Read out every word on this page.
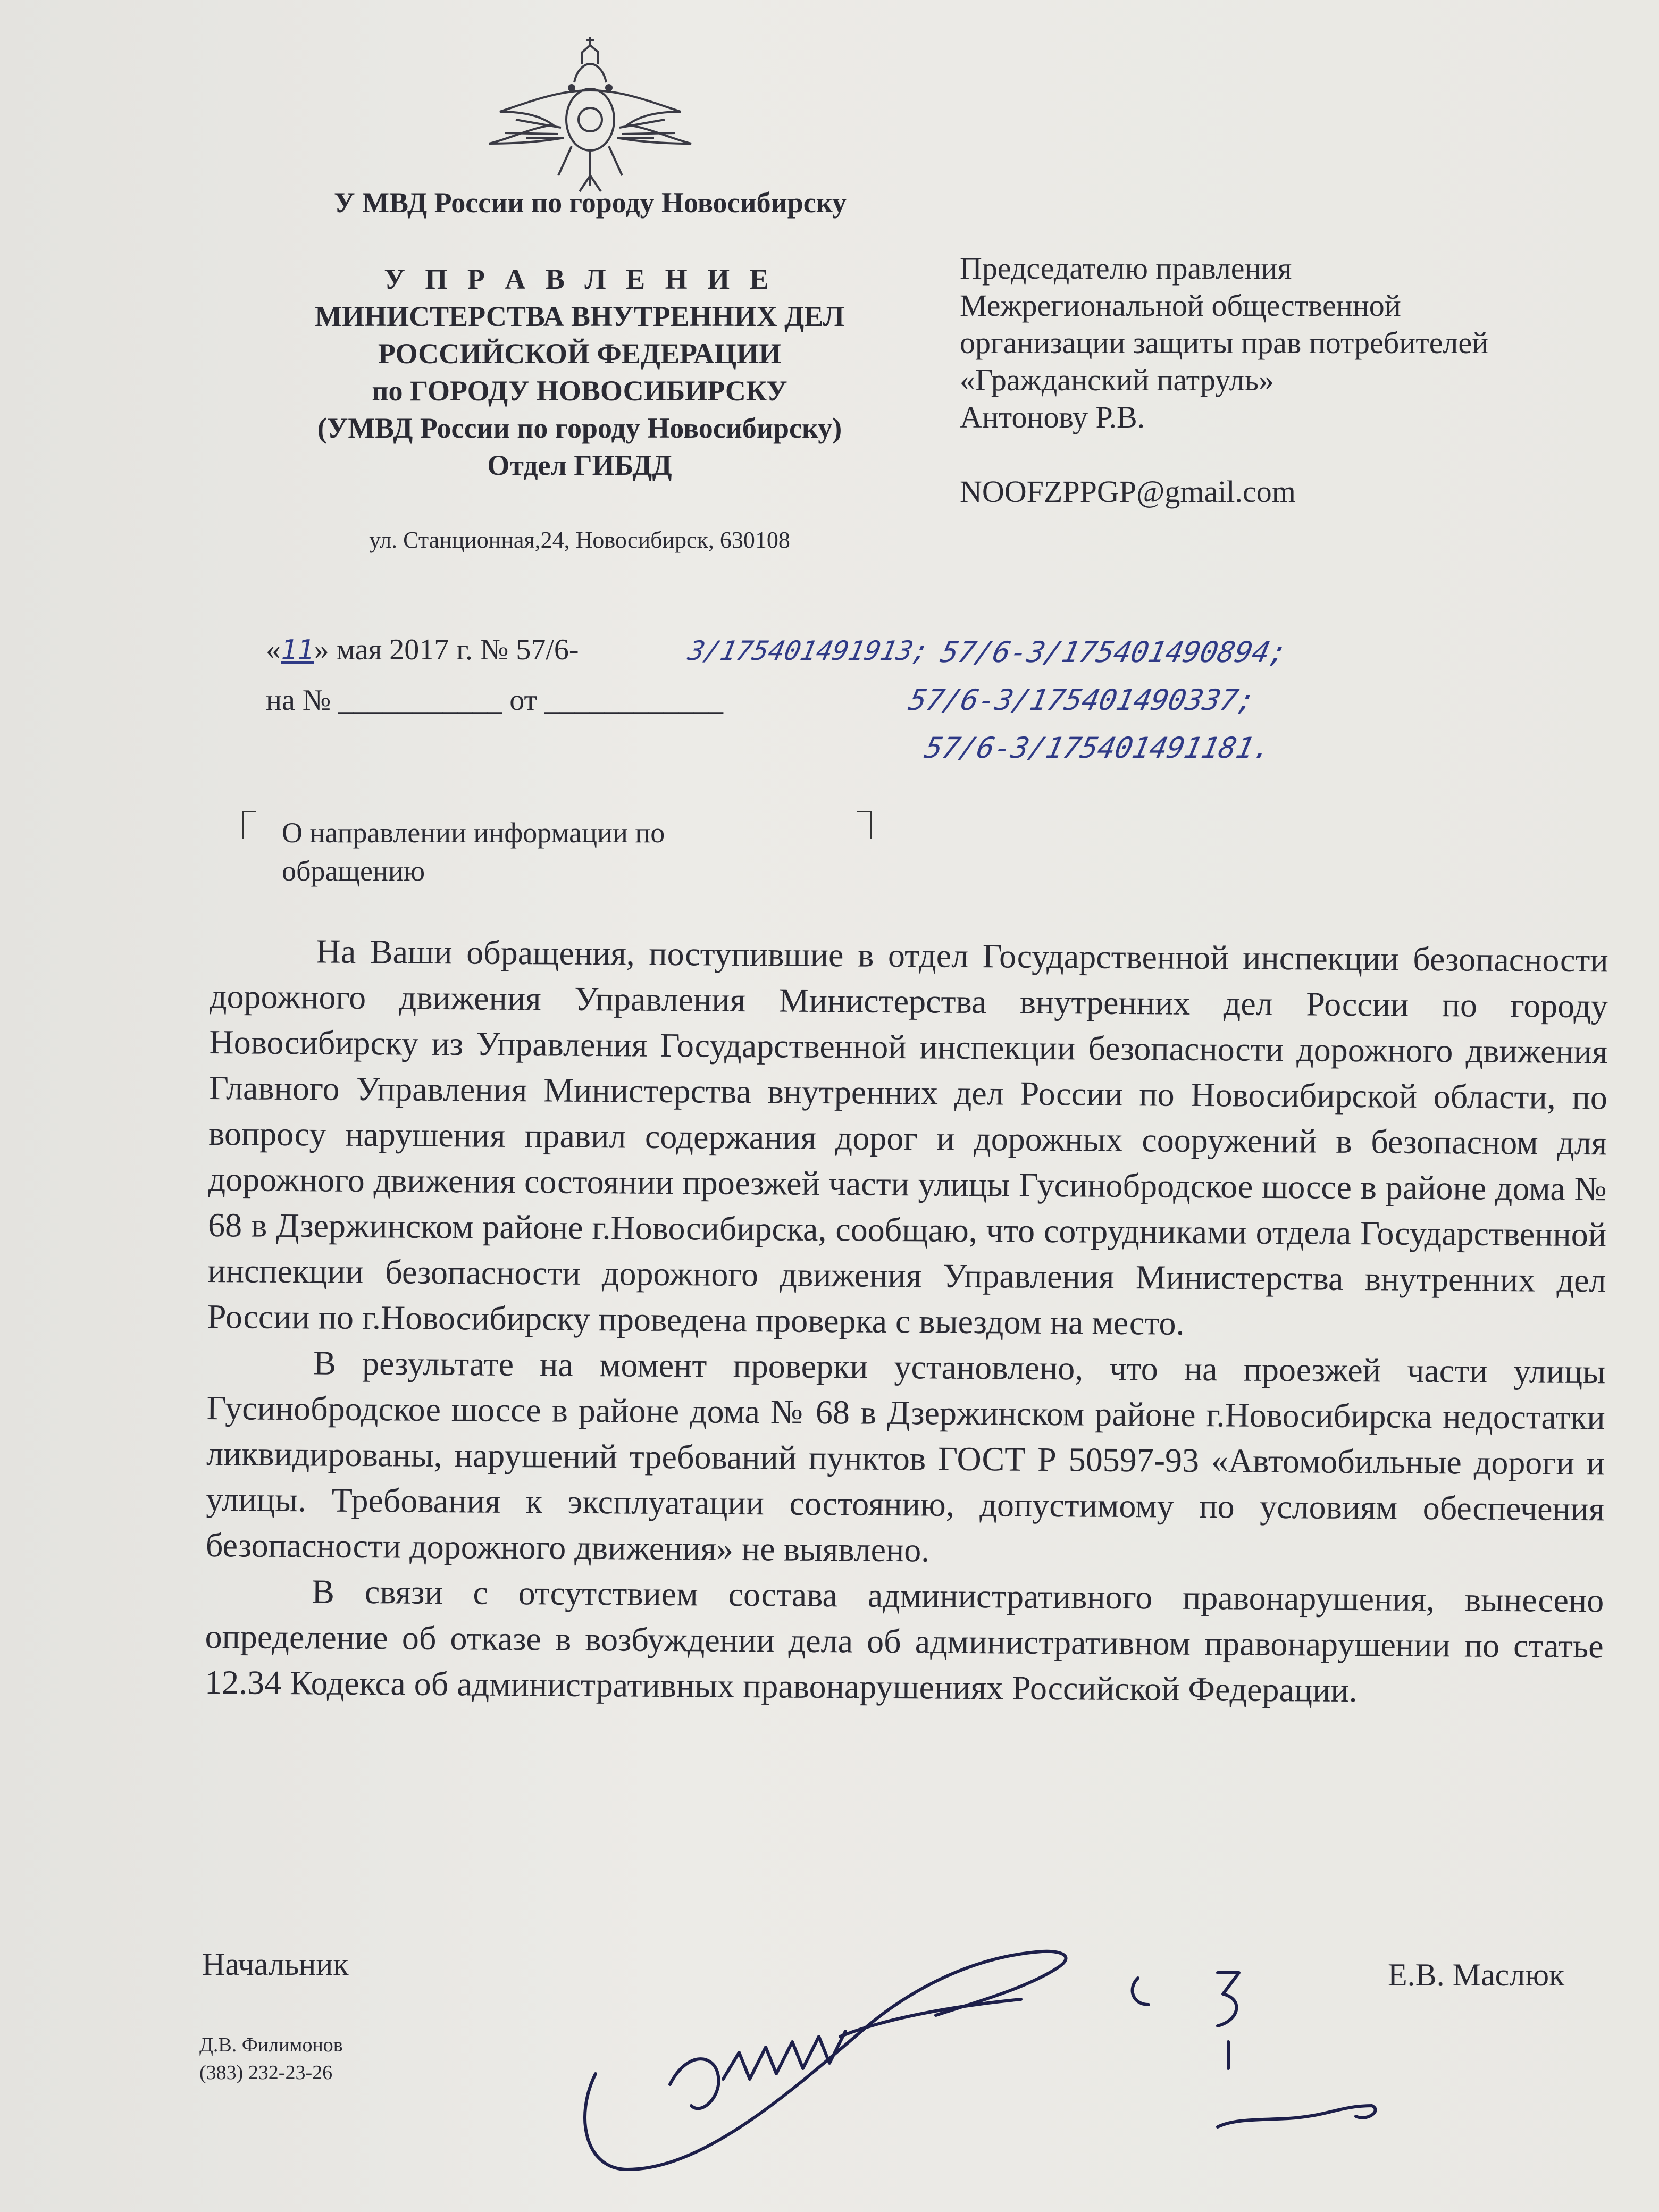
У МВД России по городу Новосибирску
У П Р А В Л Е Н И Е
МИНИСТЕРСТВА ВНУТРЕННИХ ДЕЛ
РОССИЙСКОЙ ФЕДЕРАЦИИ
по ГОРОДУ НОВОСИБИРСКУ
(УМВД России по городу Новосибирску)
Отдел ГИБДД
ул. Станционная,24, Новосибирск, 630108
Председателю правления
Межрегиональной общественной
организации защиты прав потребителей
«Гражданский патруль»
Антонову Р.В.
NOOFZPPGP@gmail.com
«11» мая 2017 г. № 57/6-	3/175401491913; 57/6-3/175401490894;
на № ___________ от ____________	57/6-3/175401490337;
57/6-3/175401491181.
О направлении информации по
обращению

На Ваши обращения, поступившие в отдел Государственной инспекции безопасности дорожного движения Управления Министерства внутренних дел России по городу Новосибирску из Управления Государственной инспекции безопасности дорожного движения Главного Управления Министерства внутренних дел России по Новосибирской области, по вопросу нарушения правил содержания дорог и дорожных сооружений в безопасном для дорожного движения состоянии проезжей части улицы Гусинобродское шоссе в районе дома № 68 в Дзержинском районе г.Новосибирска, сообщаю, что сотрудниками отдела Государственной инспекции безопасности дорожного движения Управления Министерства внутренних дел России по г.Новосибирску проведена проверка с выездом на место.

В результате на момент проверки установлено, что на проезжей части улицы Гусинобродское шоссе в районе дома № 68 в Дзержинском районе г.Новосибирска недостатки ликвидированы, нарушений требований пунктов ГОСТ Р 50597-93 «Автомобильные дороги и улицы. Требования к эксплуатации состоянию, допустимому по условиям обеспечения безопасности дорожного движения» не выявлено.

В связи с отсутствием состава административного правонарушения, вынесено определение об отказе в возбуждении дела об административном правонарушении по статье 12.34 Кодекса об административных правонарушениях Российской Федерации.

Начальник	Е.В. Маслюк
Д.В. Филимонов
(383) 232-23-26
